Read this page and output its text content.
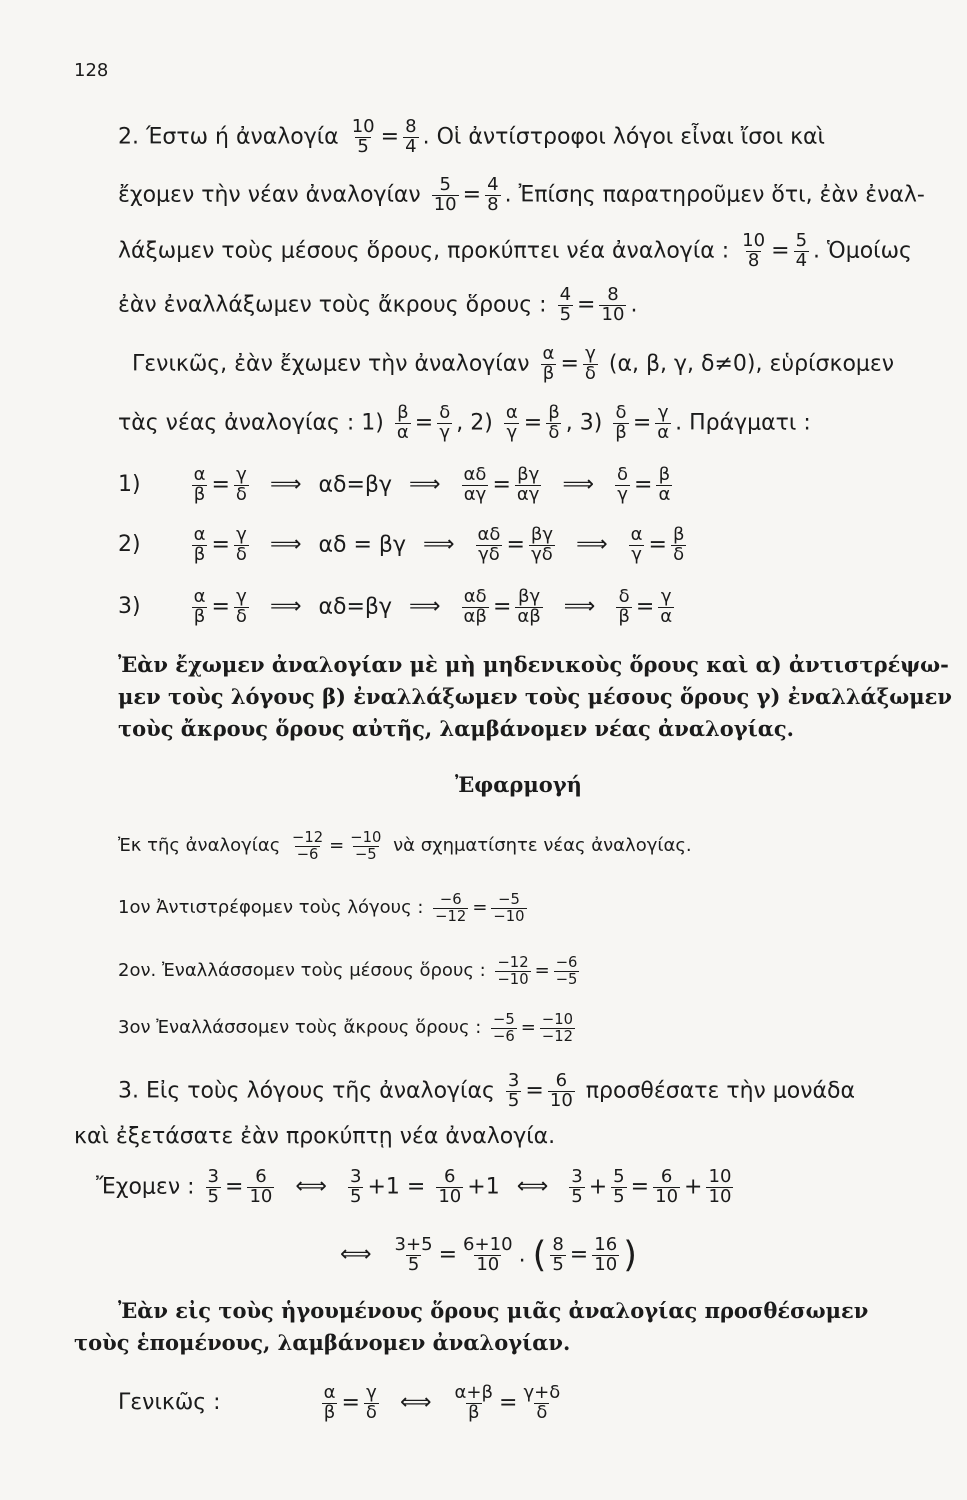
128
2. Έστω ή ἀναλογία $\frac{10}{5} = \frac{8}{4}$ . Οἱ ἀντίστροφοι λόγοι εἶναι ἴσοι καὶ
ἔχομεν τὴν νέαν ἀναλογίαν $\frac{5}{10} = \frac{4}{8}$ . Ἐπίσης παρατηροῦμεν ὅτι, ἐὰν ἐναλ-
λάξωμεν τοὺς μέσους ὅρους, προκύπτει νέα ἀναλογία : $\frac{10}{8} = \frac{5}{4}$ . Ὁμοίως
ἐὰν ἐναλλάξωμεν τοὺς ἄκρους ὅρους : $\frac{4}{5} = \frac{8}{10}$ .
Γενικῶς, ἐὰν ἔχωμεν τὴν ἀναλογίαν $\frac{\alpha}{\beta} = \frac{\gamma}{\delta} (\alpha$, β, γ, δ≠0), εὑρίσκομεν
τὰς νέας ἀναλογίας : $1) \frac{\beta}{\alpha} = \frac{\delta}{\gamma}$ , $2) \frac{\alpha}{\gamma} = \frac{\beta}{\delta}$ , $3) \frac{\delta}{\beta} = \frac{\gamma}{\alpha}$ . Πράγματι :
1)	$\frac{\alpha}{\beta} = \frac{\gamma}{\delta}$ ⟹ αδ=βγ ⟹ $\frac{\alpha\delta}{\alpha\gamma} = \frac{\beta\gamma}{\alpha\gamma}$ ⟹ $\frac{\delta}{\gamma} = \frac{\beta}{\alpha}$
2)	$\frac{\alpha}{\beta} = \frac{\gamma}{\delta}$ ⟹ αδ = βγ ⟹ $\frac{\alpha\delta}{\gamma\delta} = \frac{\beta\gamma}{\gamma\delta}$ ⟹ $\frac{\alpha}{\gamma} = \frac{\beta}{\delta}$
3)	$\frac{\alpha}{\beta} = \frac{\gamma}{\delta}$ ⟹ αδ=βγ ⟹ $\frac{\alpha\delta}{\alpha\beta} = \frac{\beta\gamma}{\alpha\beta}$ ⟹ $\frac{\delta}{\beta} = \frac{\gamma}{\alpha}$
Ἐὰν ἔχωμεν ἀναλογίαν μὲ μὴ μηδενικοὺς ὅρους καὶ α) ἀντιστρέψω-
μεν τοὺς λόγους β) ἐναλλάξωμεν τοὺς μέσους ὅρους γ) ἐναλλάξωμεν
τοὺς ἄκρους ὅρους αὐτῆς, λαμβάνομεν νέας ἀναλογίας.
Ἐφαρμογή
Ἐκ τῆς ἀναλογίας $\frac{-12}{-6} = \frac{-10}{-5}$ νὰ σχηματίσητε νέας ἀναλογίας.
1ον Ἀντιστρέφομεν τοὺς λόγους : $\frac{-6}{-12} = \frac{-5}{-10}$
2ον. Ἐναλλάσσομεν τοὺς μέσους ὅρους : $\frac{-12}{-10} = \frac{-6}{-5}$
3ον Ἐναλλάσσομεν τοὺς ἄκρους ὅρους : $\frac{-5}{-6} = \frac{-10}{-12}$
3. Εἰς τοὺς λόγους τῆς ἀναλογίας $\frac{3}{5} = \frac{6}{10}$ προσθέσατε τὴν μονάδα
καὶ ἐξετάσατε ἐὰν προκύπτῃ νέα ἀναλογία.
Ἔχομεν : $\frac{3}{5} = \frac{6}{10}$ ⟺ $\frac{3}{5} +1 = \frac{6}{10} +1$ ⟺ $\frac{3}{5} + \frac{5}{5} = \frac{6}{10} + \frac{10}{10}$
⟺ $\frac{3+5}{5} = \frac{6+10}{10}$ . ( $\frac{8}{5} = \frac{16}{10}$ )
Ἐὰν εἰς τοὺς ἡγουμένους ὅρους μιᾶς ἀναλογίας προσθέσωμεν
τοὺς ἑπομένους, λαμβάνομεν ἀναλογίαν.
Γενικῶς :	$\frac{\alpha}{\beta} = \frac{\gamma}{\delta}$ ⟺ $\frac{\alpha+\beta}{\beta} = \frac{\gamma+\delta}{\delta}$
